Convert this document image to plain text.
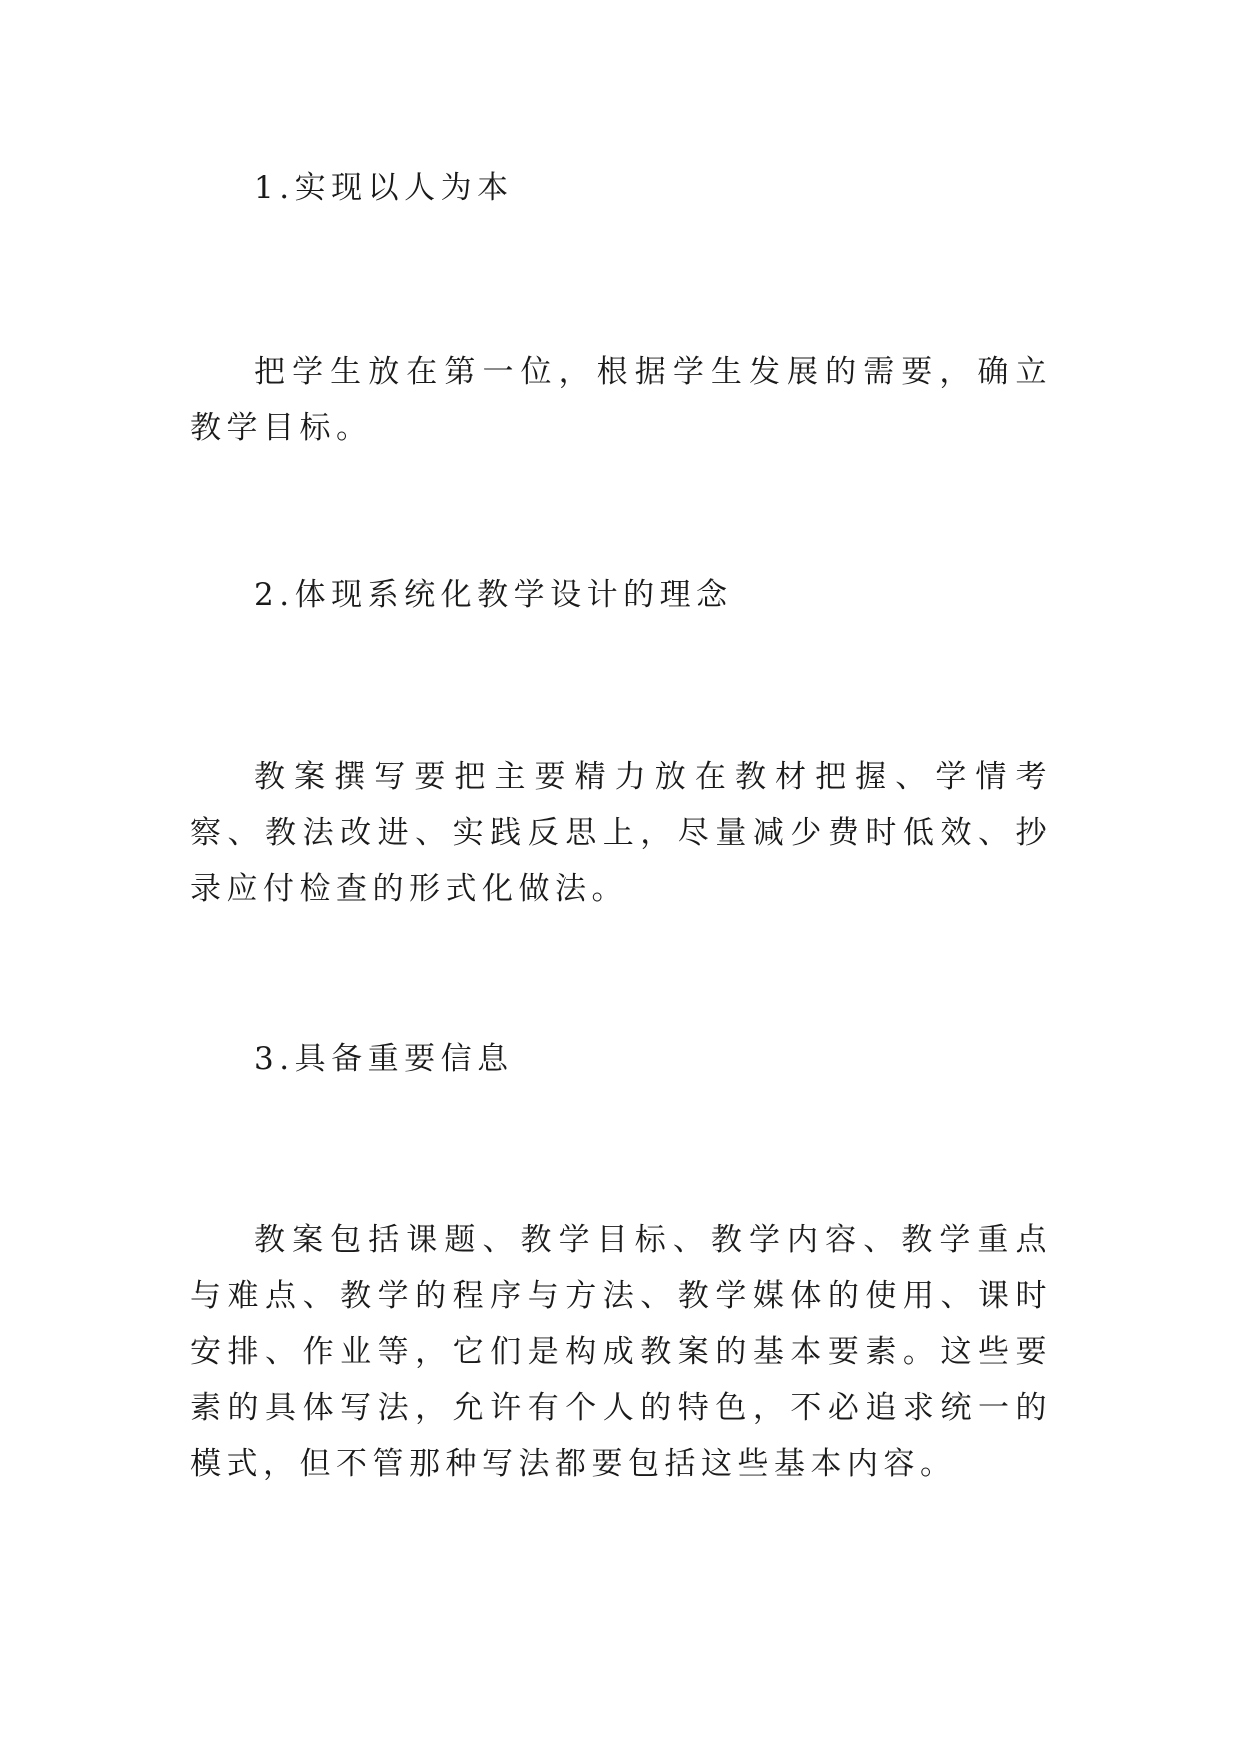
1.实现以人为本

把学生放在第一位，根据学生发展的需要，确立教学目标。

2.体现系统化教学设计的理念

教案撰写要把主要精力放在教材把握、学情考察、教法改进、实践反思上，尽量减少费时低效、抄录应付检查的形式化做法。

3.具备重要信息

教案包括课题、教学目标、教学内容、教学重点与难点、教学的程序与方法、教学媒体的使用、课时安排、作业等，它们是构成教案的基本要素。这些要素的具体写法，允许有个人的特色，不必追求统一的模式，但不管那种写法都要包括这些基本内容。
